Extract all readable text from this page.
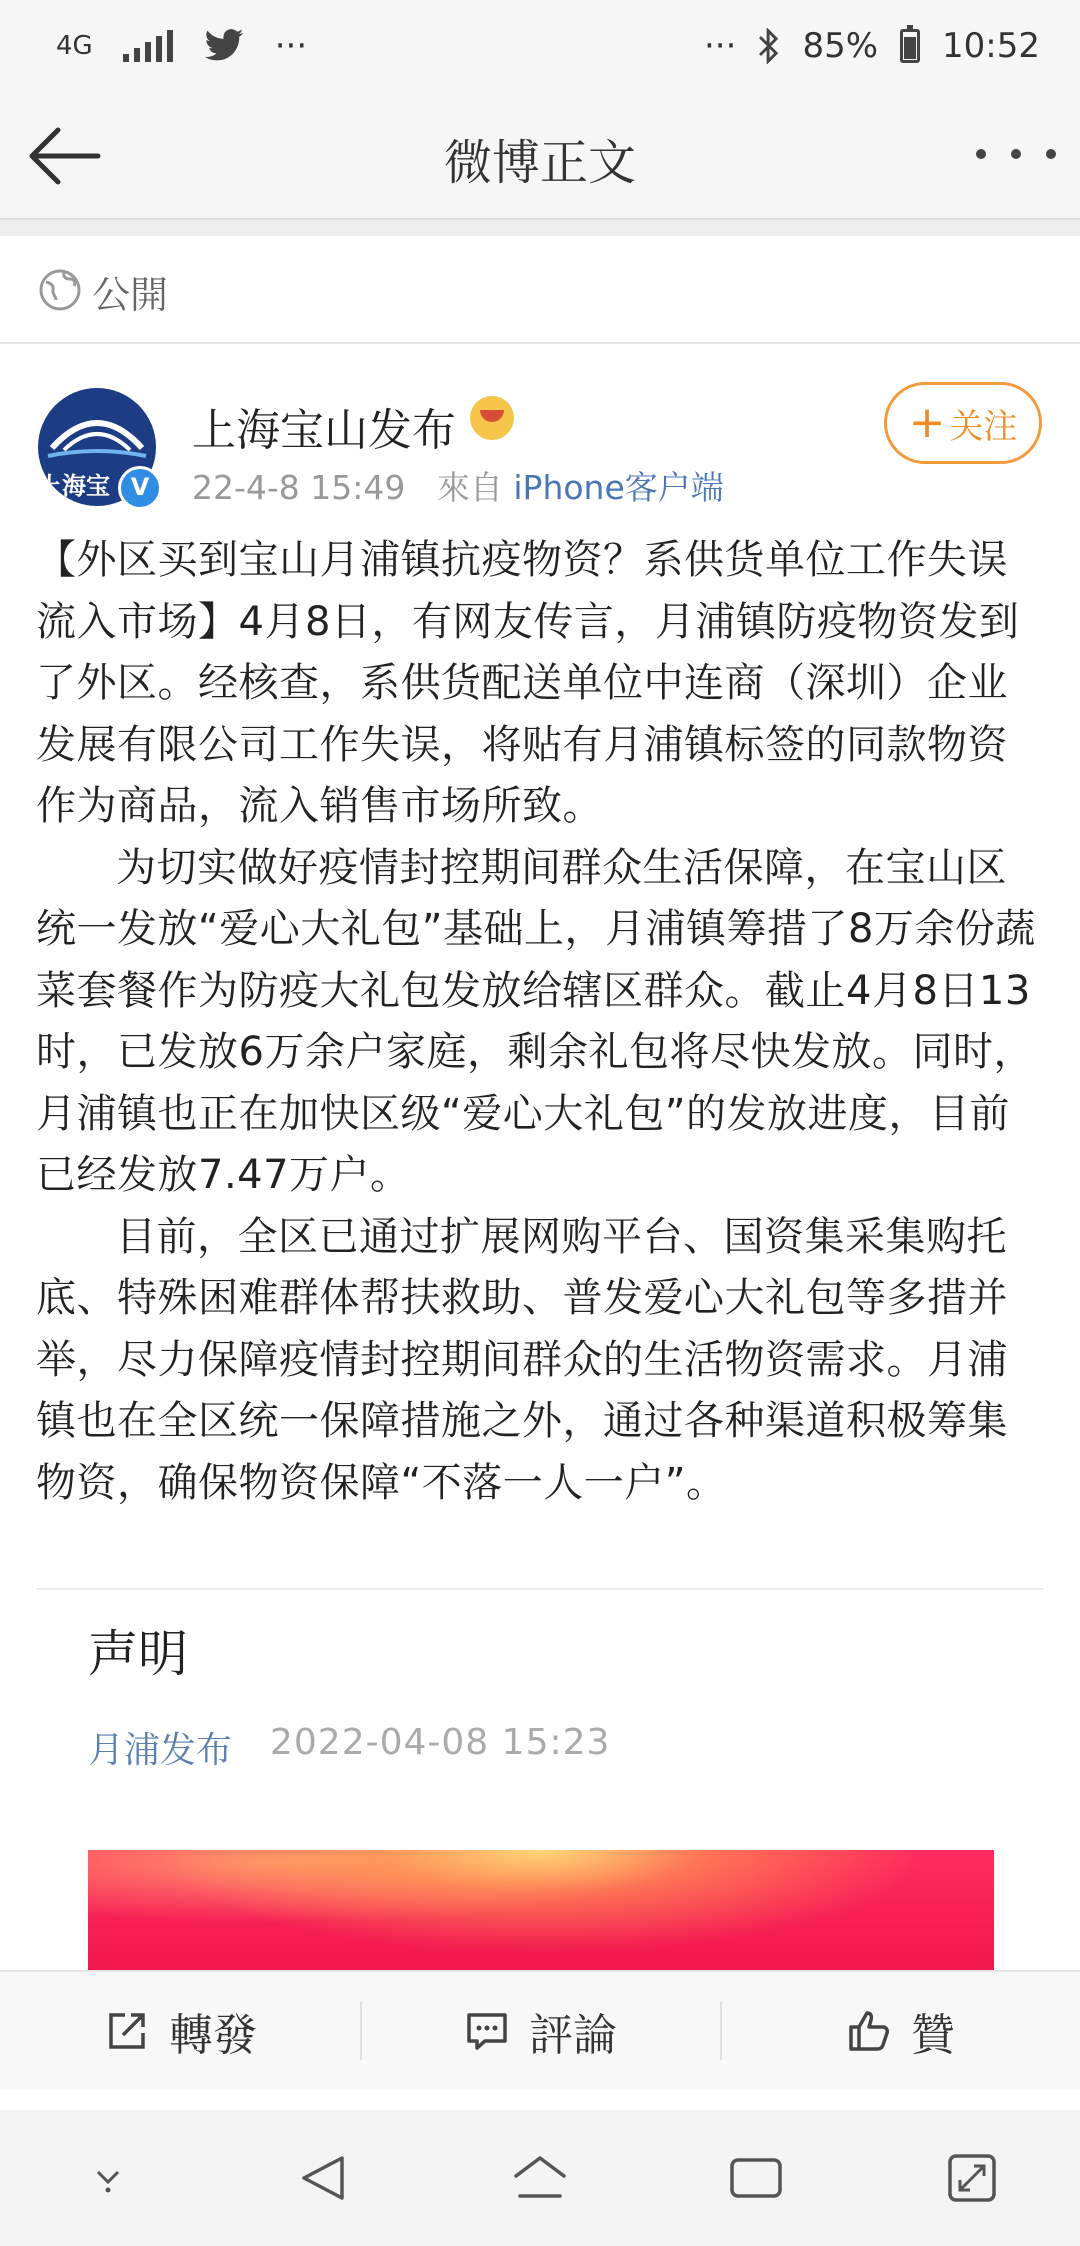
4G	···	··· 85% 10:52
微博正文
公開
上海宝 V
上海宝山发布
22-4-8 15:49 來自 iPhone客户端
+ 关注

【外区买到宝山月浦镇抗疫物资？系供货单位工作失误流入市场】4月8日，有网友传言，月浦镇防疫物资发到了外区。经核查，系供货配送单位中连商（深圳）企业发展有限公司工作失误，将贴有月浦镇标签的同款物资作为商品，流入销售市场所致。

为切实做好疫情封控期间群众生活保障，在宝山区统一发放“爱心大礼包”基础上，月浦镇筹措了8万余份蔬菜套餐作为防疫大礼包发放给辖区群众。截止4月8日13时，已发放6万余户家庭，剩余礼包将尽快发放。同时，月浦镇也正在加快区级“爱心大礼包”的发放进度，目前已经发放7.47万户。

目前，全区已通过扩展网购平台、国资集采集购托底、特殊困难群体帮扶救助、普发爱心大礼包等多措并举，尽力保障疫情封控期间群众的生活物资需求。月浦镇也在全区统一保障措施之外，通过各种渠道积极筹集物资，确保物资保障“不落一人一户”。

声明
月浦发布 2022-04-08 15:23
轉發	評論	贊
